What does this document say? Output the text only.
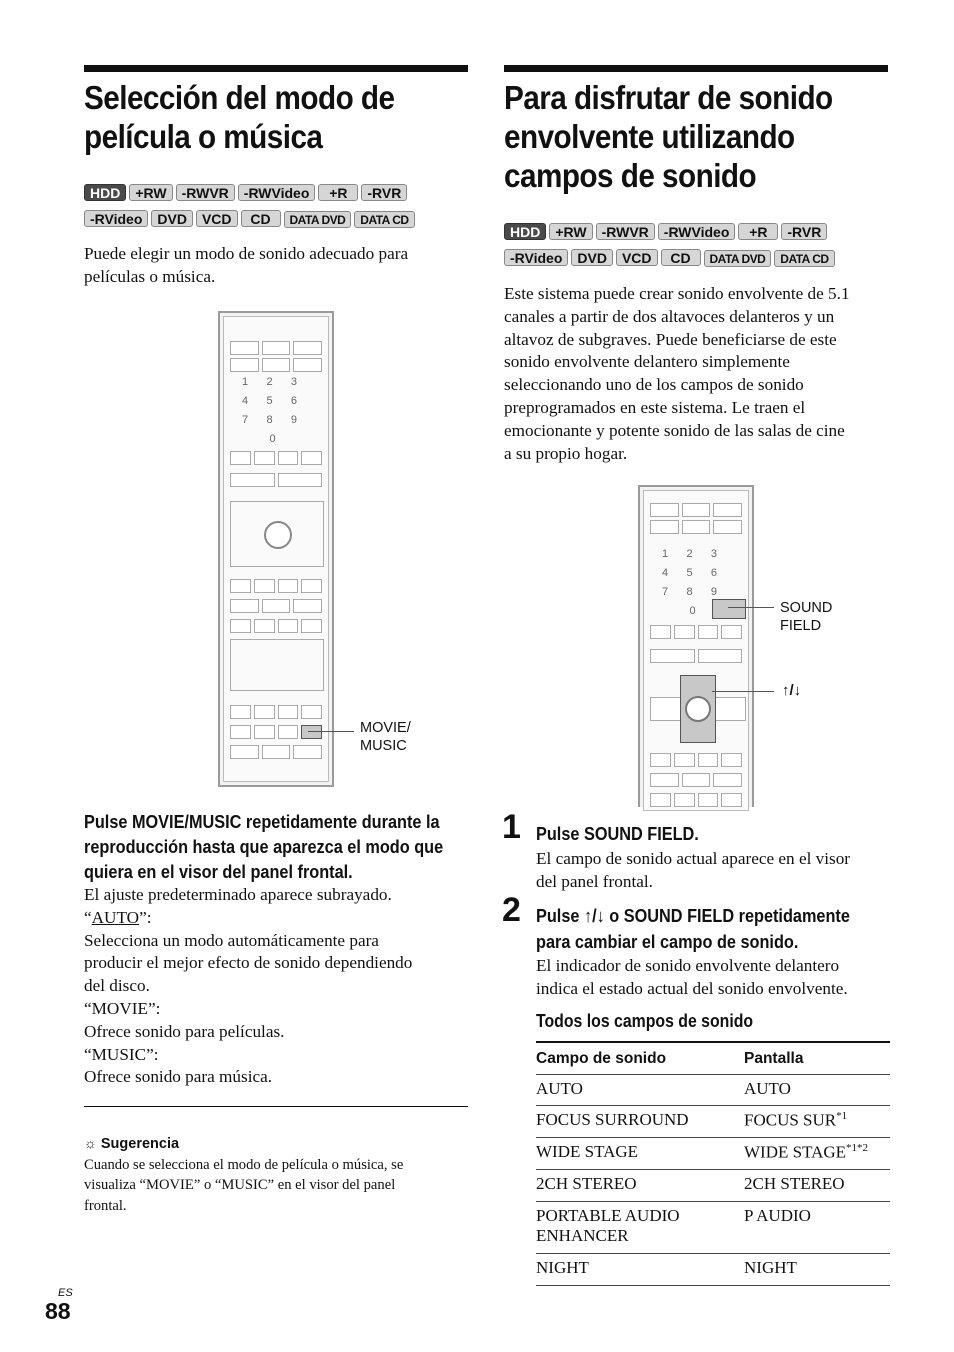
Selección del modo de
película o música
HDD +RW -RWVR -RWVideo +R -RVR
-RVideo DVD VCD CD DATA DVD DATA CD
Puede elegir un modo de sonido adecuado para
películas o música.
1      2      3
4      5      6
7      8      9
0
MOVIE/
MUSIC
Pulse MOVIE/MUSIC repetidamente durante la
reproducción hasta que aparezca el modo que
quiera en el visor del panel frontal.
El ajuste predeterminado aparece subrayado.
“AUTO”:
Selecciona un modo automáticamente para
producir el mejor efecto de sonido dependiendo
del disco.
“MOVIE”:
Ofrece sonido para películas.
“MUSIC”:
Ofrece sonido para música.
☼ Sugerencia
Cuando se selecciona el modo de película o música, se
visualiza “MOVIE” o “MUSIC” en el visor del panel
frontal.
Para disfrutar de sonido
envolvente utilizando
campos de sonido
HDD +RW -RWVR -RWVideo +R -RVR
-RVideo DVD VCD CD DATA DVD DATA CD
Este sistema puede crear sonido envolvente de 5.1
canales a partir de dos altavoces delanteros y un
altavoz de subgraves. Puede beneficiarse de este
sonido envolvente delantero simplemente
seleccionando uno de los campos de sonido
preprogramados en este sistema. Le traen el
emocionante y potente sonido de las salas de cine
a su propio hogar.
1      2      3
4      5      6
7      8      9
0	SOUND
FIELD
↑/↓
1 Pulse SOUND FIELD.
El campo de sonido actual aparece en el visor
del panel frontal.
2 Pulse ↑/↓ o SOUND FIELD repetidamente
para cambiar el campo de sonido.
El indicador de sonido envolvente delantero
indica el estado actual del sonido envolvente.
Todos los campos de sonido
Campo de sonido	Pantalla
AUTO	AUTO
FOCUS SURROUND	FOCUS SUR$^{*1}$
WIDE STAGE	WIDE $STAGE^{*1*2}$
2CH STEREO	2CH STEREO
PORTABLE AUDIO ENHANCER	P AUDIO
NIGHT	NIGHT
ES
88
